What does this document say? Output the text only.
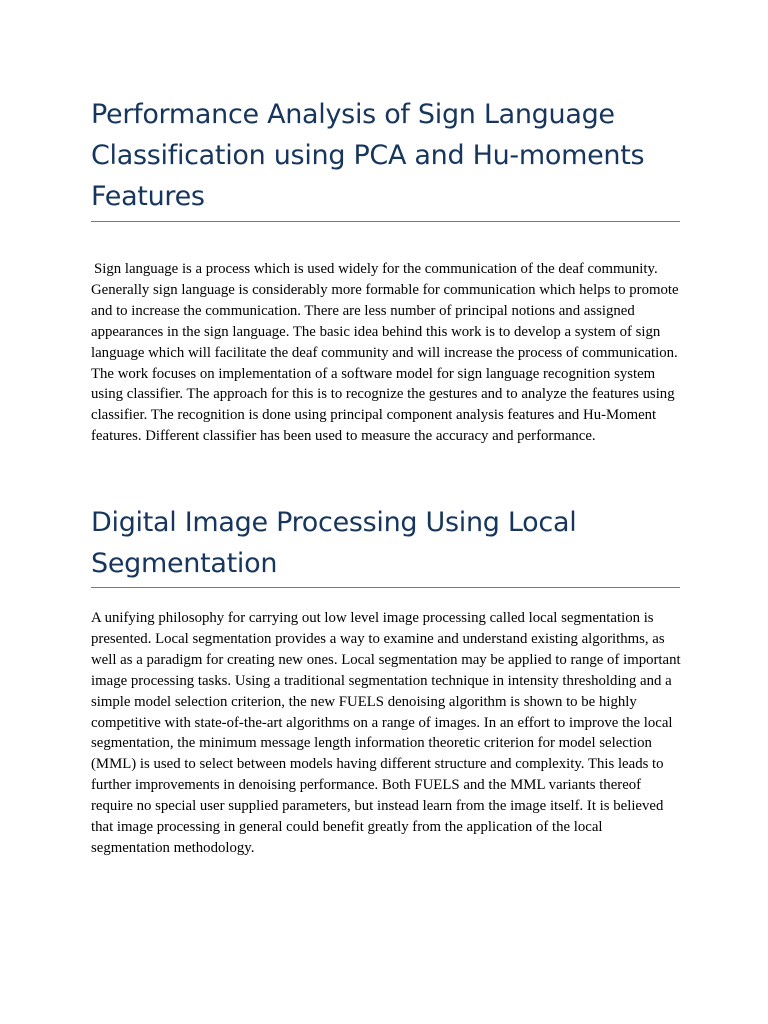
Performance Analysis of Sign Language Classification using PCA and Hu-moments Features

Sign language is a process which is used widely for the communication of the deaf community. Generally sign language is considerably more formable for communication which helps to promote and to increase the communication. There are less number of principal notions and assigned appearances in the sign language. The basic idea behind this work is to develop a system of sign language which will facilitate the deaf community and will increase the process of communication. The work focuses on implementation of a software model for sign language recognition system using classifier. The approach for this is to recognize the gestures and to analyze the features using classifier. The recognition is done using principal component analysis features and Hu-Moment features. Different classifier has been used to measure the accuracy and performance.

Digital Image Processing Using Local Segmentation

A unifying philosophy for carrying out low level image processing called local segmentation is presented. Local segmentation provides a way to examine and understand existing algorithms, as well as a paradigm for creating new ones. Local segmentation may be applied to range of important image processing tasks. Using a traditional segmentation technique in intensity thresholding and a simple model selection criterion, the new FUELS denoising algorithm is shown to be highly competitive with state-of-the-art algorithms on a range of images. In an effort to improve the local segmentation, the minimum message length information theoretic criterion for model selection (MML) is used to select between models having different structure and complexity. This leads to further improvements in denoising performance. Both FUELS and the MML variants thereof require no special user supplied parameters, but instead learn from the image itself. It is believed that image processing in general could benefit greatly from the application of the local segmentation methodology.
